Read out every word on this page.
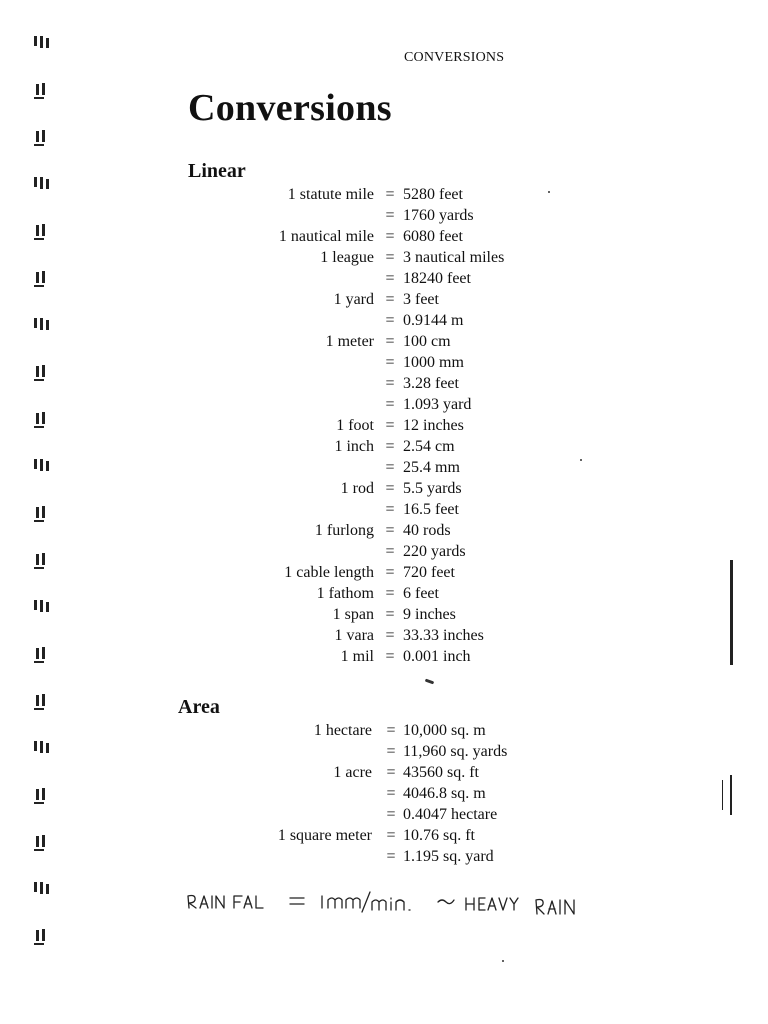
CONVERSIONS
Conversions
Linear
1 statute mile = 5280 feet
= 1760 yards
1 nautical mile = 6080 feet
1 league = 3 nautical miles
= 18240 feet
1 yard = 3 feet
= 0.9144 m
1 meter = 100 cm
= 1000 mm
= 3.28 feet
= 1.093 yard
1 foot = 12 inches
1 inch = 2.54 cm
= 25.4 mm
1 rod = 5.5 yards
= 16.5 feet
1 furlong = 40 rods
= 220 yards
1 cable length = 720 feet
1 fathom = 6 feet
1 span = 9 inches
1 vara = 33.33 inches
1 mil = 0.001 inch
Area
1 hectare = 10,000 sq. m
= 11,960 sq. yards
1 acre = 43560 sq. ft
= 4046.8 sq. m
= 0.4047 hectare
1 square meter = 10.76 sq. ft
= 1.195 sq. yard
